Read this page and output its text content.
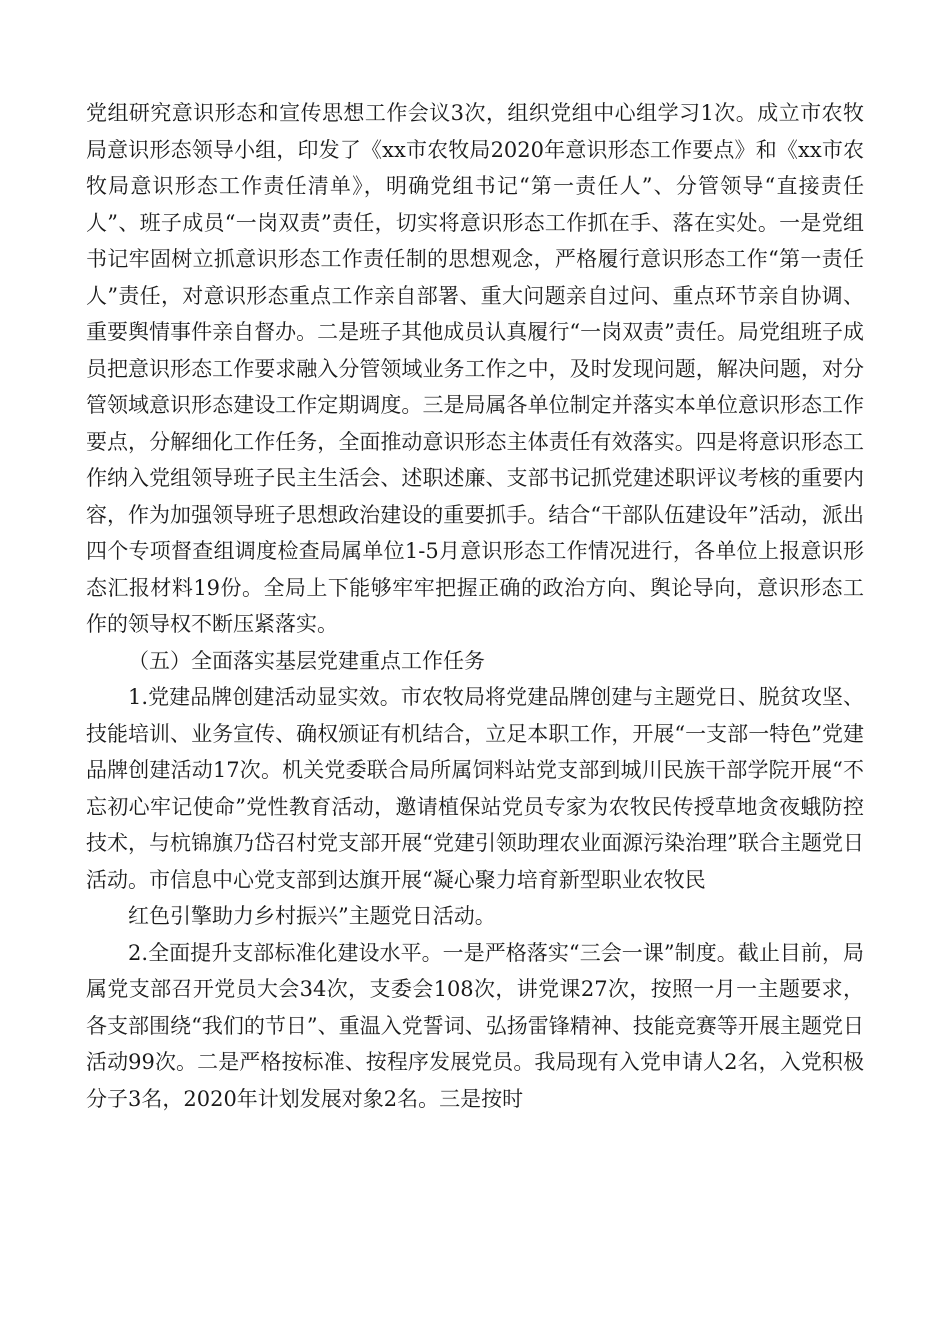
党组研究意识形态和宣传思想工作会议3次，组织党组中心组学习1次。成立市农牧局意识形态领导小组，印发了《xx市农牧局2020年意识形态工作要点》和《xx市农牧局意识形态工作责任清单》，明确党组书记“第一责任人”、分管领导“直接责任人”、班子成员“一岗双责”责任，切实将意识形态工作抓在手、落在实处。一是党组书记牢固树立抓意识形态工作责任制的思想观念，严格履行意识形态工作“第一责任人”责任，对意识形态重点工作亲自部署、重大问题亲自过问、重点环节亲自协调、重要舆情事件亲自督办。二是班子其他成员认真履行“一岗双责”责任。局党组班子成员把意识形态工作要求融入分管领域业务工作之中，及时发现问题，解决问题，对分管领域意识形态建设工作定期调度。三是局属各单位制定并落实本单位意识形态工作要点，分解细化工作任务，全面推动意识形态主体责任有效落实。四是将意识形态工作纳入党组领导班子民主生活会、述职述廉、支部书记抓党建述职评议考核的重要内容，作为加强领导班子思想政治建设的重要抓手。结合“干部队伍建设年”活动，派出四个专项督查组调度检查局属单位1-5月意识形态工作情况进行，各单位上报意识形态汇报材料19份。全局上下能够牢牢把握正确的政治方向、舆论导向，意识形态工作的领导权不断压紧落实。

（五）全面落实基层党建重点工作任务

1.党建品牌创建活动显实效。市农牧局将党建品牌创建与主题党日、脱贫攻坚、技能培训、业务宣传、确权颁证有机结合，立足本职工作，开展“一支部一特色”党建品牌创建活动17次。机关党委联合局所属饲料站党支部到城川民族干部学院开展“不忘初心牢记使命”党性教育活动，邀请植保站党员专家为农牧民传授草地贪夜蛾防控技术，与杭锦旗乃岱召村党支部开展“党建引领助理农业面源污染治理”联合主题党日活动。市信息中心党支部到达旗开展“凝心聚力培育新型职业农牧民

红色引擎助力乡村振兴”主题党日活动。

2.全面提升支部标准化建设水平。一是严格落实“三会一课”制度。截止目前，局属党支部召开党员大会34次，支委会108次，讲党课27次，按照一月一主题要求，各支部围绕“我们的节日”、重温入党誓词、弘扬雷锋精神、技能竞赛等开展主题党日活动99次。二是严格按标准、按程序发展党员。我局现有入党申请人2名，入党积极分子3名，2020年计划发展对象2名。三是按时
